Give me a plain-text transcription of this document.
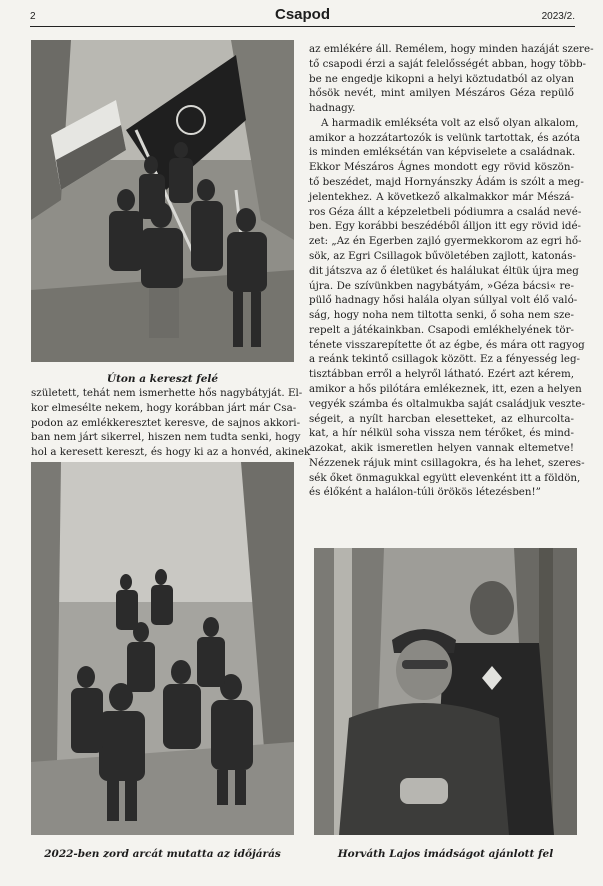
2	Csapod	2023/2.
Úton a kereszt felé

született, tehát nem ismerhette hős nagybátyját. El-
kor elmesélte nekem, hogy korábban járt már Csa-
podon az emlékkeresztet keresve, de sajnos akkori-
ban nem járt sikerrel, hiszen nem tudta senki, hogy
hol a keresett kereszt, és hogy ki az a honvéd, akinek

2022-ben zord arcát mutatta az időjárás

az emlékére áll. Remélem, hogy minden hazáját szere-
tő csapodi érzi a saját felelősségét abban, hogy több-
be ne engedje kikopni a helyi köztudatból az olyan
hősök nevét, mint amilyen Mészáros Géza repülő
hadnagy.
A harmadik emlékséta volt az első olyan alkalom,
amikor a hozzátartozók is velünk tartottak, és azóta
is minden emléksétán van képviselete a családnak.
Ekkor Mészáros Ágnes mondott egy rövid köszön-
tő beszédet, majd Hornyánszky Ádám is szólt a meg-
jelentekhez. A következő alkalmakkor már Mészá-
ros Géza állt a képzeletbeli pódiumra a család nevé-
ben. Egy korábbi beszédéből álljon itt egy rövid idé-
zet: „Az én Egerben zajló gyermekkorom az egri hő-
sök, az Egri Csillagok bűvöletében zajlott, katonás-
dit játszva az ő életüket és halálukat éltük újra meg
újra. De szívünkben nagybátyám, »Géza bácsi« re-
pülő hadnagy hősi halála olyan súllyal volt élő való-
ság, hogy noha nem tiltotta senki, ő soha nem sze-
repelt a játékainkban. Csapodi emlékhelyének tör-
ténete visszarepítette őt az égbe, és mára ott ragyog
a reánk tekintő csillagok között. Ez a fényesség leg-
tisztábban erről a helyről látható. Ezért azt kérem,
amikor a hős pilótára emlékeznek, itt, ezen a helyen
vegyék számba és oltalmukba saját családjuk veszte-
ségeit, a nyílt harcban elesetteket, az elhurcolta-
kat, a hír nélkül soha vissza nem térőket, és mind-
azokat, akik ismeretlen helyen vannak eltemetve!
Nézzenek rájuk mint csillagokra, és ha lehet, szeres-
sék őket önmagukkal együtt elevenként itt a földön,
és élőként a halálon-túli örökös létezésben!”

Horváth Lajos imádságot ajánlott fel
